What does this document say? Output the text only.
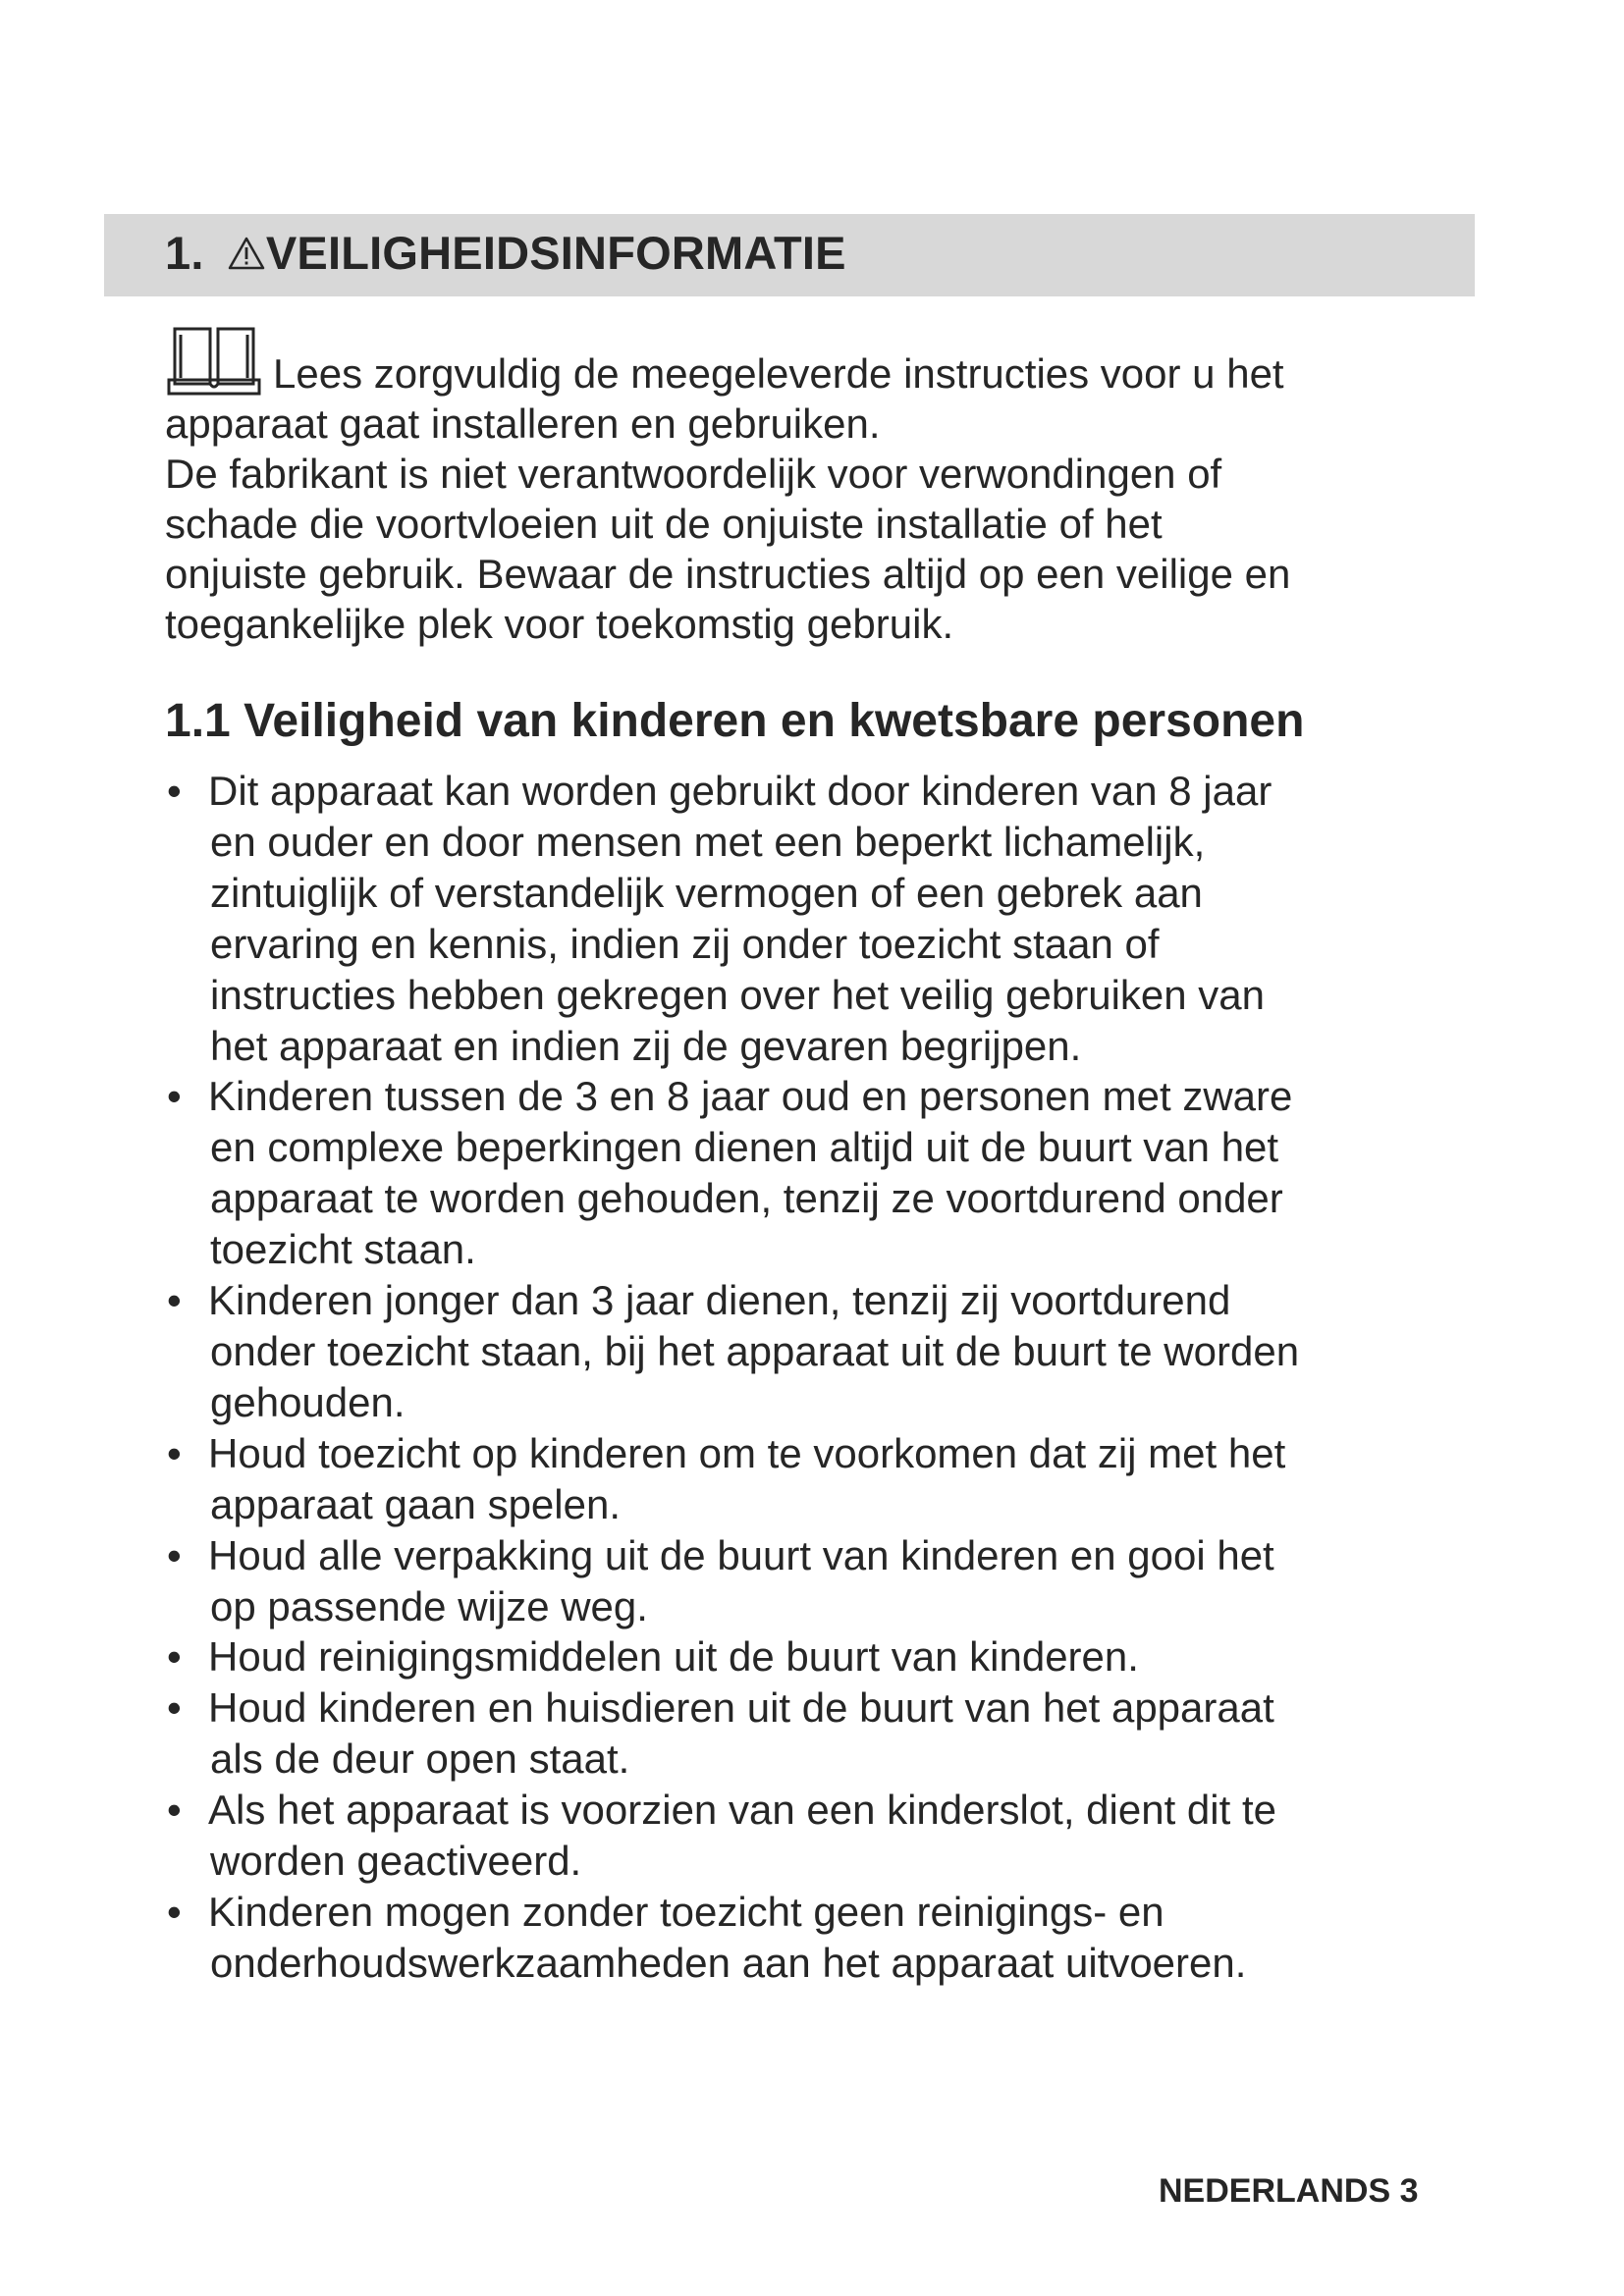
1. VEILIGHEIDSINFORMATIE
Lees zorgvuldig de meegeleverde instructies voor u het
apparaat gaat installeren en gebruiken.
De fabrikant is niet verantwoordelijk voor verwondingen of
schade die voortvloeien uit de onjuiste installatie of het
onjuiste gebruik. Bewaar de instructies altijd op een veilige en
toegankelijke plek voor toekomstig gebruik.
1.1 Veiligheid van kinderen en kwetsbare personen
• Dit apparaat kan worden gebruikt door kinderen van 8 jaar
en ouder en door mensen met een beperkt lichamelijk,
zintuiglijk of verstandelijk vermogen of een gebrek aan
ervaring en kennis, indien zij onder toezicht staan of
instructies hebben gekregen over het veilig gebruiken van
het apparaat en indien zij de gevaren begrijpen.
• Kinderen tussen de 3 en 8 jaar oud en personen met zware
en complexe beperkingen dienen altijd uit de buurt van het
apparaat te worden gehouden, tenzij ze voortdurend onder
toezicht staan.
• Kinderen jonger dan 3 jaar dienen, tenzij zij voortdurend
onder toezicht staan, bij het apparaat uit de buurt te worden
gehouden.
• Houd toezicht op kinderen om te voorkomen dat zij met het
apparaat gaan spelen.
• Houd alle verpakking uit de buurt van kinderen en gooi het
op passende wijze weg.
• Houd reinigingsmiddelen uit de buurt van kinderen.
• Houd kinderen en huisdieren uit de buurt van het apparaat
als de deur open staat.
• Als het apparaat is voorzien van een kinderslot, dient dit te
worden geactiveerd.
• Kinderen mogen zonder toezicht geen reinigings- en
onderhoudswerkzaamheden aan het apparaat uitvoeren.
NEDERLANDS 3
